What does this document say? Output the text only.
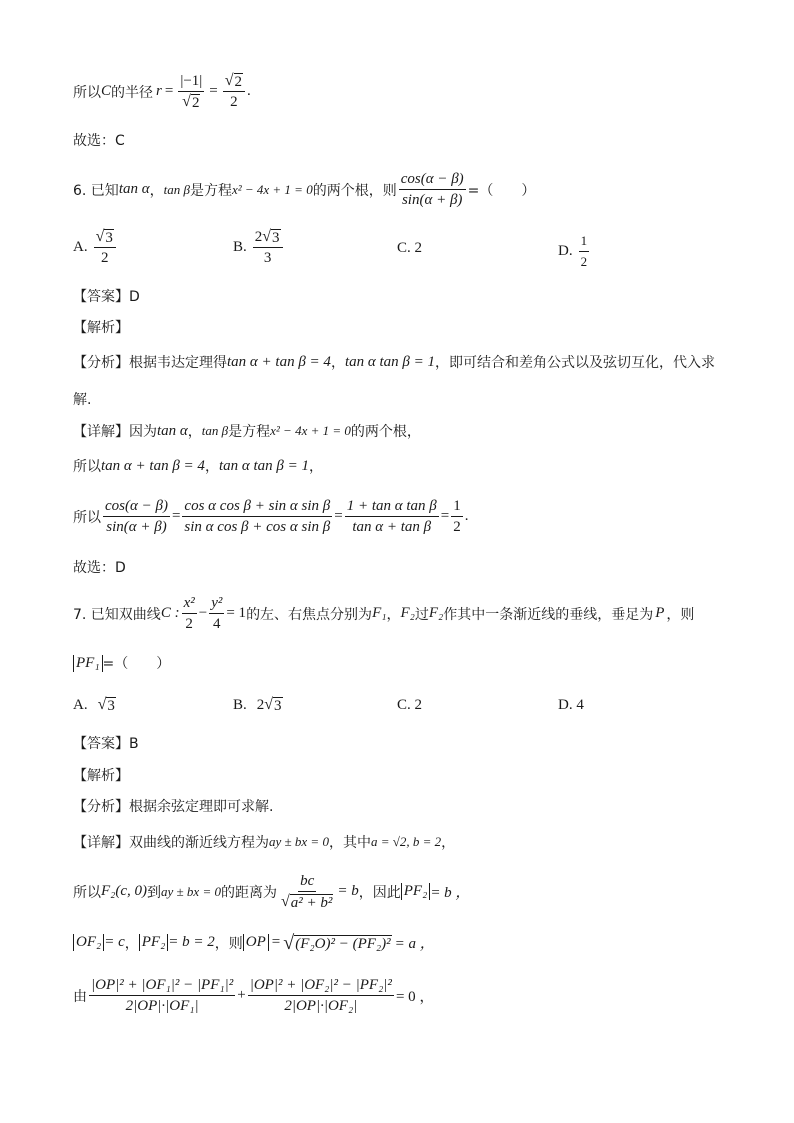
所以 C 的半径 $r = \frac{|-1|}{√ 2} = \frac{√ 2}{2}$ .
故选：C
6. 已知 tan α ， tan β 是方程 x² − 4x + 1 = 0 的两个根，则 $\frac{\cos(\alpha - \beta)}{\sin(\alpha + \beta)}$ =（　　）
A. $\frac{√ 3}{2}$	B. $\frac{2 √ 3}{3}$	C. 2	D. $\frac{1}{2}$
【答案】D
【解析】
【分析】 根据韦达定理得 tan α + tan β = 4 ， tan α tan β = 1 ，即可结合和差角公式以及弦切互化，代入求
解.
【详解】 因为 tan α ， tan β 是方程 x² − 4x + 1 = 0 的两个根，
所以 tan α + tan β = 4 ， tan α tan β = 1 ，
所以 $\frac{\cos(\alpha - \beta)}{\sin(\alpha + \beta)} = \frac{\text{cos α cos β + sin α sin β}}{\text{sin α cos β + cos α sin β}} = \frac{\text{1 + tan α tan β}}{\text{tan α + tan β}} = \frac{1}{2}$ .
故选：D
7. 已知双曲线 C : $\frac{\text{x²}}{2} - \frac{\text{y²}}{4} = 1$ 的左、右焦点分别为 F₁ ， F₂ 过 F₂ 作其中一条渐近线的垂线，垂足为 P ，则
PF₁ =（　　）
A. √ 3	B. 2 √ 3	C. 2	D. 4
【答案】B
【解析】
【分析】 根据余弦定理即可求解.
【详解】 双曲线的渐近线方程为 ay ± bx = 0 ，其中 a = √2, b = 2 ，
所以 F₂(c, 0) 到 ay ± bx = 0 的距离为 $\frac{bc}{\text{√ a² + b²}} = b$ ，因此 PF₂ = b ，
OF₂ = c ， PF₂ = b = 2 ，则 OP = √ (F₂O)² − (PF₂)² = a ，
由 $\frac{\text{|OP|² + |OF₁|² − |PF₁|²}}{\text{2|OP|·|OF₁|}} + \frac{\text{|OP|² + |OF₂|² − |PF₂|²}}{\text{2|OP|·|OF₂|}} = 0$ ，
